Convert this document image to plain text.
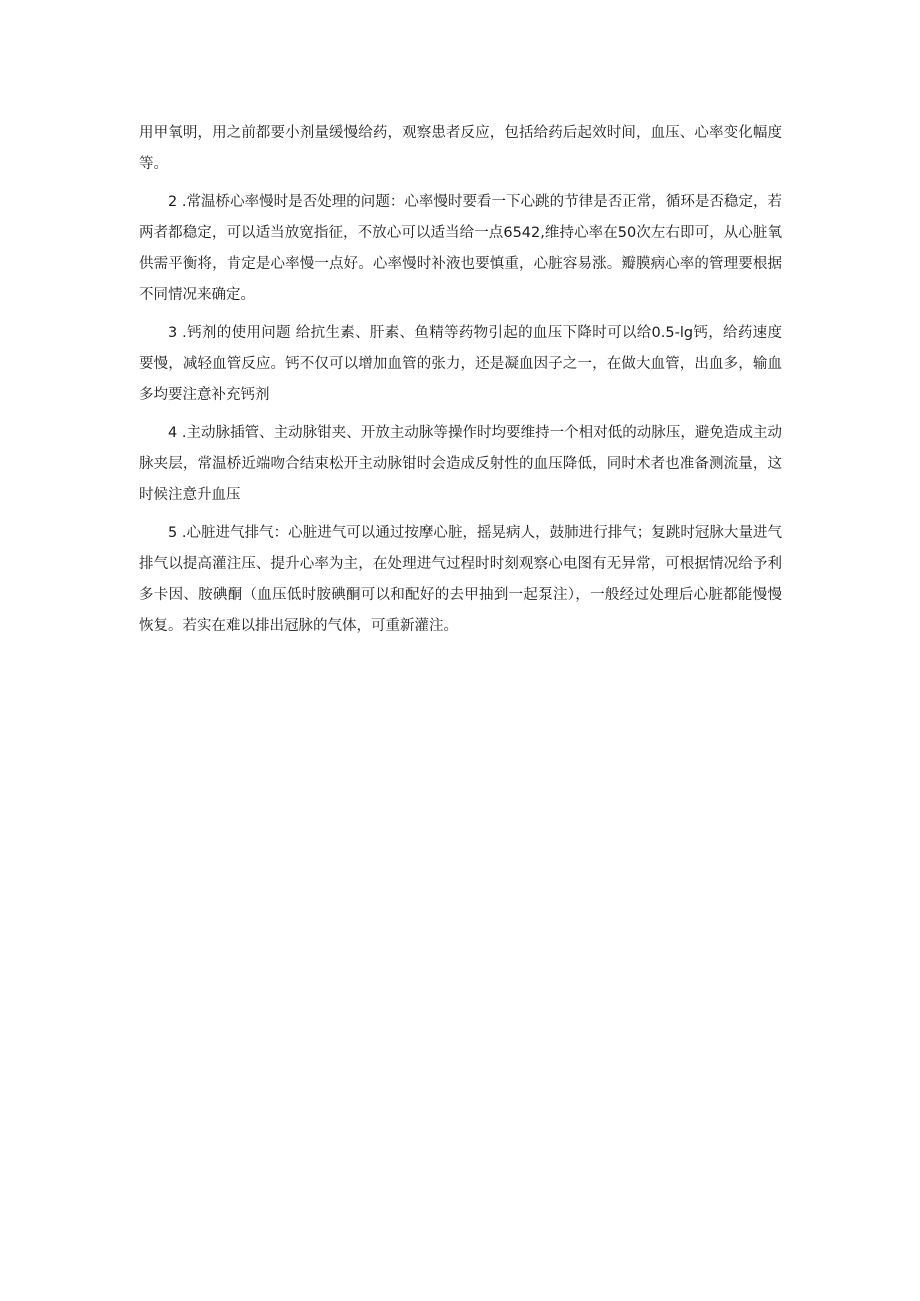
用甲氧明，用之前都要小剂量缓慢给药，观察患者反应，包括给药后起效时间，血压、心率变化幅度等。

2 .常温桥心率慢时是否处理的问题：心率慢时要看一下心跳的节律是否正常，循环是否稳定，若两者都稳定，可以适当放宽指征，不放心可以适当给一点6542,维持心率在50次左右即可，从心脏氧供需平衡将，肯定是心率慢一点好。心率慢时补液也要慎重，心脏容易涨。瓣膜病心率的管理要根据不同情况来确定。

3 .钙剂的使用问题 给抗生素、肝素、鱼精等药物引起的血压下降时可以给0.5-lg钙，给药速度要慢，减轻血管反应。钙不仅可以增加血管的张力，还是凝血因子之一，在做大血管，出血多，输血多均要注意补充钙剂

4 .主动脉插管、主动脉钳夹、开放主动脉等操作时均要维持一个相对低的动脉压，避免造成主动脉夹层，常温桥近端吻合结束松开主动脉钳时会造成反射性的血压降低，同时术者也准备测流量，这时候注意升血压

5 .心脏进气排气：心脏进气可以通过按摩心脏，摇晃病人，鼓肺进行排气；复跳时冠脉大量进气排气以提高灌注压、提升心率为主，在处理进气过程时时刻观察心电图有无异常，可根据情况给予利多卡因、胺碘酮（血压低时胺碘酮可以和配好的去甲抽到一起泵注），一般经过处理后心脏都能慢慢恢复。若实在难以排出冠脉的气体，可重新灌注。
